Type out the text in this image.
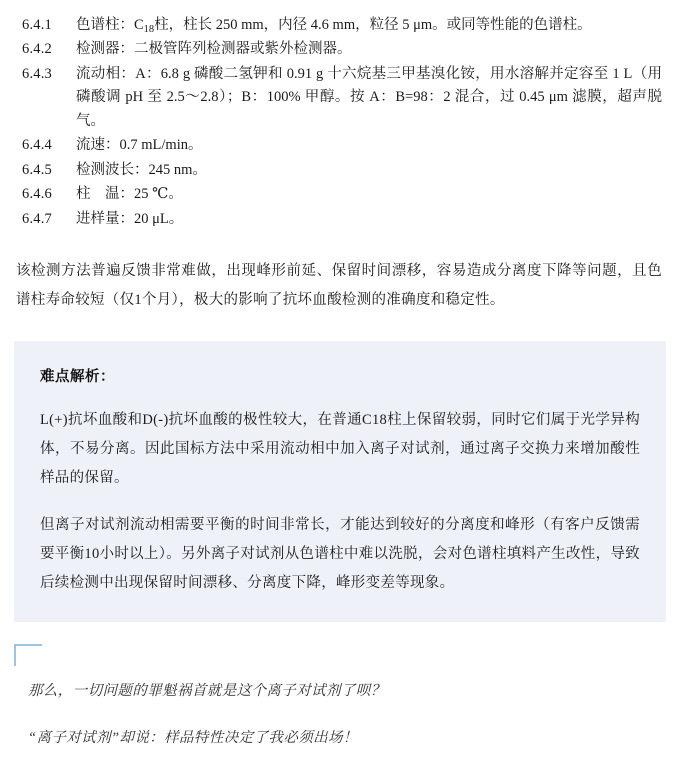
6.4.1	色谱柱：$C_{18}$柱，柱长 250 mm，内径 4.6 mm，粒径 5 μm。或同等性能的色谱柱。
6.4.2	检测器：二极管阵列检测器或紫外检测器。
6.4.3	流动相：A：6.8 g 磷酸二氢钾和 0.91 g 十六烷基三甲基溴化铵，用水溶解并定容至 1 L（用磷酸调 pH 至 2.5～2.8）；B：100% 甲醇。按 A：B=98：2 混合，过 0.45 μm 滤膜，超声脱气。
6.4.4	流速：0.7 mL/min。
6.4.5	检测波长：245 nm。
6.4.6	柱　温：25 ℃。
6.4.7	进样量：20 μL。

该检测方法普遍反馈非常难做，出现峰形前延、保留时间漂移，容易造成分离度下降等问题，且色谱柱寿命较短（仅1个月），极大的影响了抗坏血酸检测的准确度和稳定性。

难点解析：

L(+)抗坏血酸和D(-)抗坏血酸的极性较大，在普通C18柱上保留较弱，同时它们属于光学异构体，不易分离。因此国标方法中采用流动相中加入离子对试剂，通过离子交换力来增加酸性样品的保留。

但离子对试剂流动相需要平衡的时间非常长，才能达到较好的分离度和峰形（有客户反馈需要平衡10小时以上）。另外离子对试剂从色谱柱中难以洗脱，会对色谱柱填料产生改性，导致后续检测中出现保留时间漂移、分离度下降，峰形变差等现象。

那么，一切问题的罪魁祸首就是这个离子对试剂了呗？

“离子对试剂”却说：样品特性决定了我必须出场！
